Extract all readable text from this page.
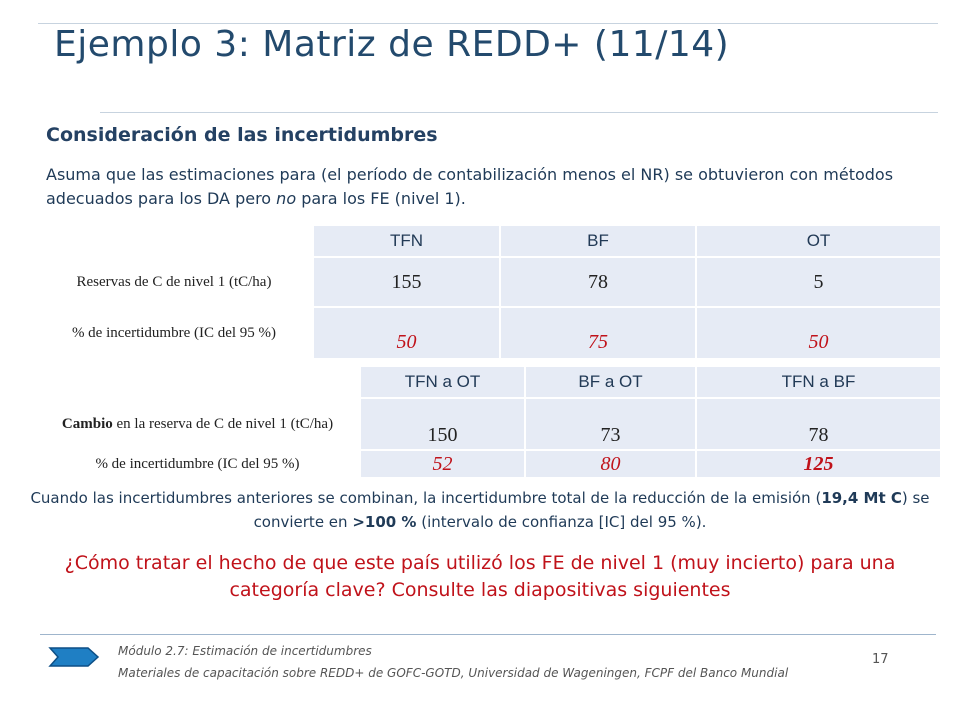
Ejemplo 3: Matriz de REDD+ (11/14)
Consideración de las incertidumbres
Asuma que las estimaciones para (el período de contabilización menos el NR) se obtuvieron con métodos adecuados para los DA pero no para los FE (nivel 1).
	TFN	BF	OT
Reservas de C de nivel 1 (tC/ha)	155	78	5
% de incertidumbre (IC del 95 %)	50	75	50
	TFN a OT	BF a OT	TFN a BF
Cambio en la reserva de C de nivel 1 (tC/ha)	150	73	78
% de incertidumbre (IC del 95 %)	52	80	125
Cuando las incertidumbres anteriores se combinan, la incertidumbre total de la reducción de la emisión (19,4 Mt C) se convierte en >100 % (intervalo de confianza [IC] del 95 %).
¿Cómo tratar el hecho de que este país utilizó los FE de nivel 1 (muy incierto) para una categoría clave? Consulte las diapositivas siguientes
Módulo 2.7: Estimación de incertidumbres
Materiales de capacitación sobre REDD+ de GOFC-GOTD, Universidad de Wageningen, FCPF del Banco Mundial
17
